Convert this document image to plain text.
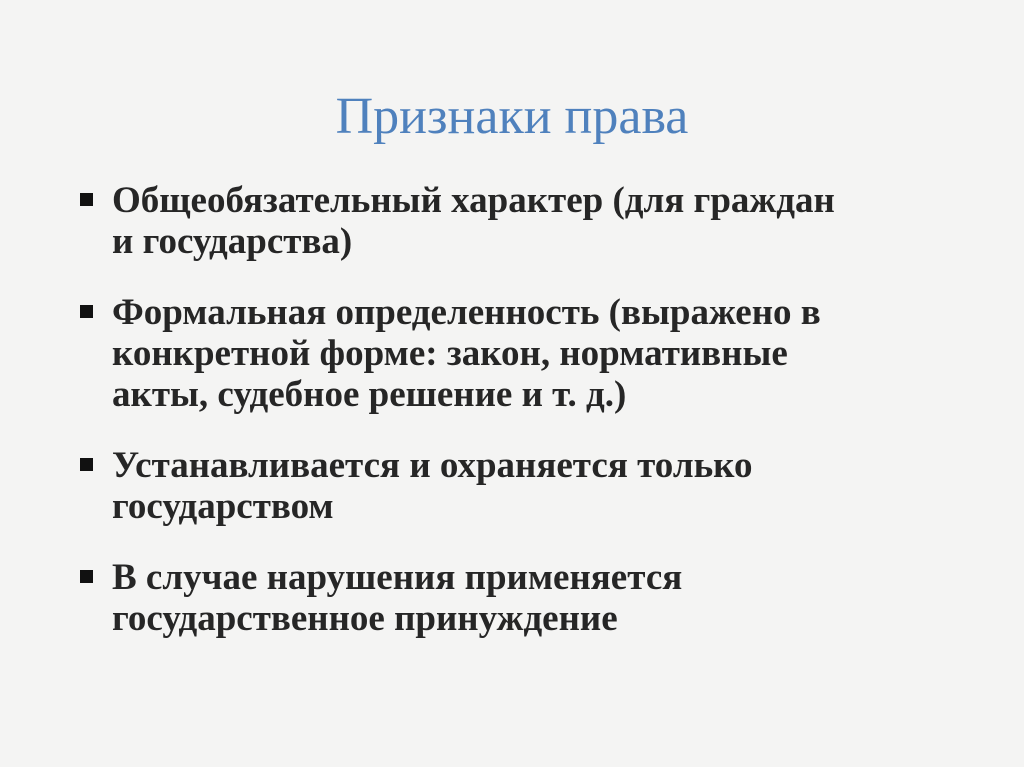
Признаки права
Общеобязательный характер (для граждан
и государства)
Формальная определенность (выражено в
конкретной форме: закон, нормативные
акты, судебное решение и т. д.)
Устанавливается и охраняется только
государством
В случае нарушения применяется
государственное принуждение
